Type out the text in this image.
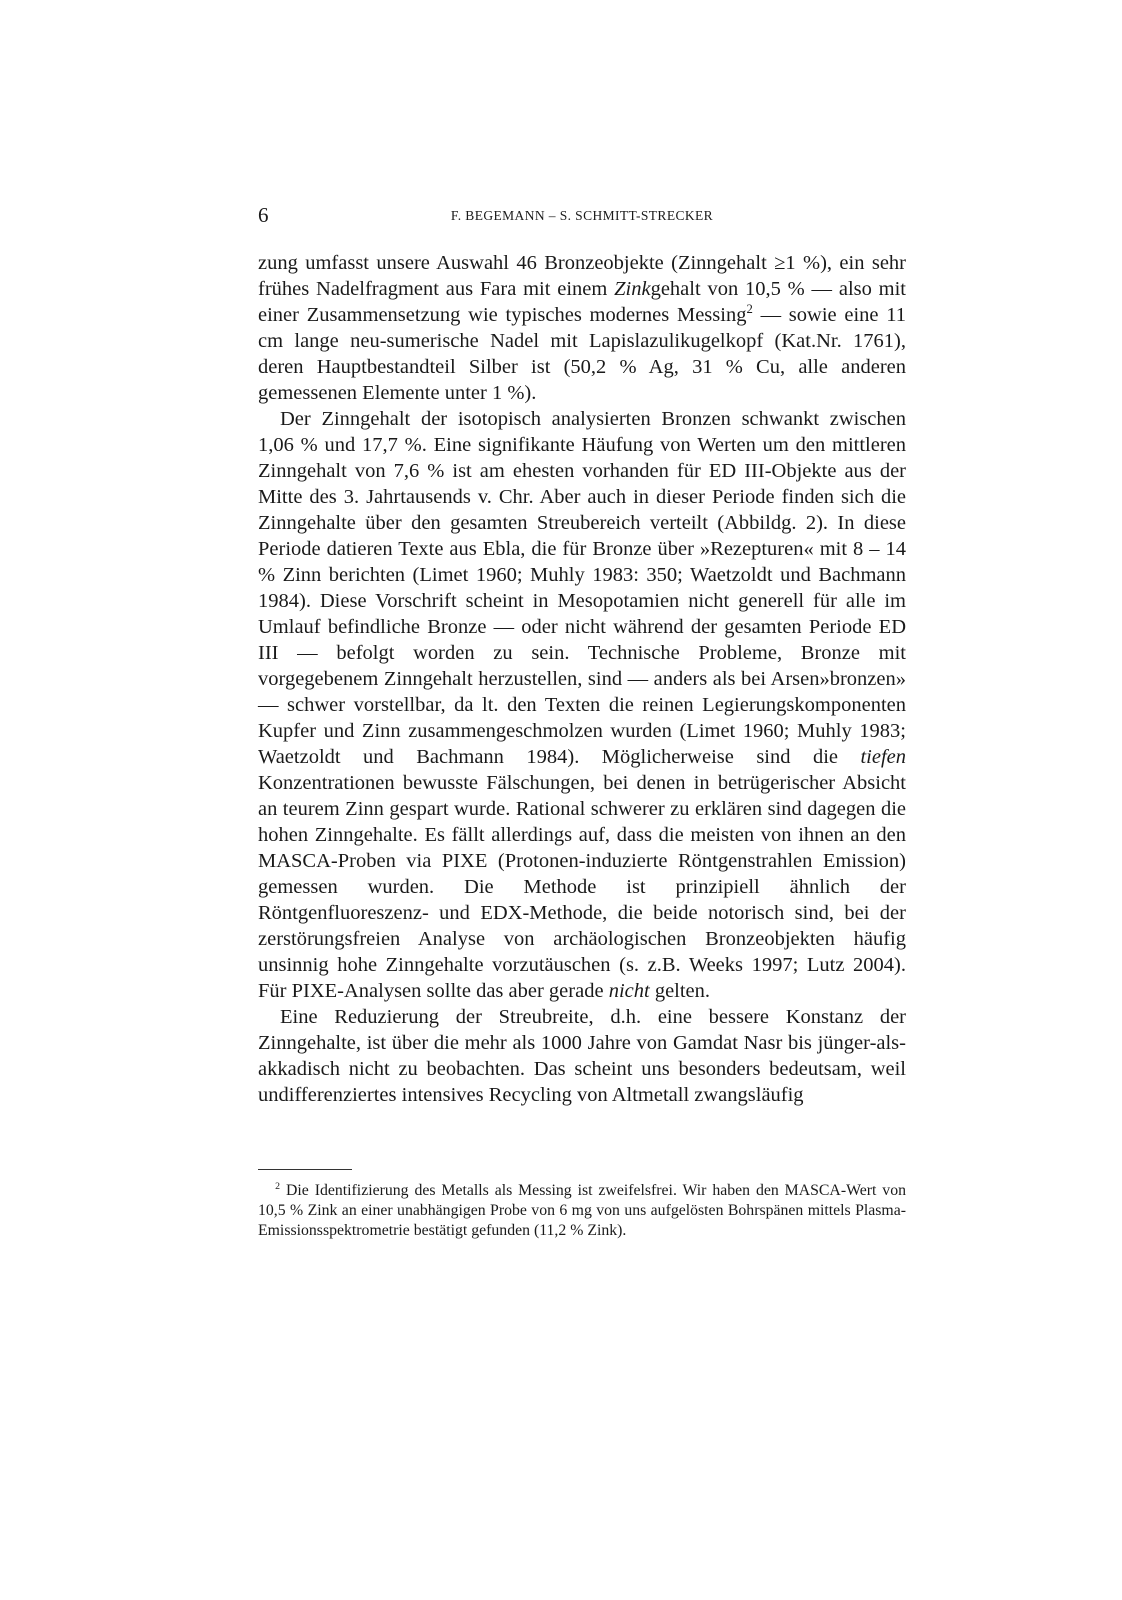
6	F. BEGEMANN – S. SCHMITT-STRECKER

zung umfasst unsere Auswahl 46 Bronzeobjekte (Zinngehalt ≥1 %), ein sehr frühes Nadelfragment aus Fara mit einem Zinkgehalt von 10,5 % — also mit einer Zusammensetzung wie typisches modernes Messing$^2$ — sowie eine 11 cm lange neu-sumerische Nadel mit Lapislazulikugelkopf (Kat.Nr. 1761), deren Hauptbestandteil Silber ist (50,2 % Ag, 31 % Cu, alle anderen gemessenen Elemente unter 1 %).

Der Zinngehalt der isotopisch analysierten Bronzen schwankt zwischen 1,06 % und 17,7 %. Eine signifikante Häufung von Werten um den mittleren Zinngehalt von 7,6 % ist am ehesten vorhanden für ED III-Objekte aus der Mitte des 3. Jahrtausends v. Chr. Aber auch in dieser Periode finden sich die Zinngehalte über den gesamten Streubereich verteilt (Abbildg. 2). In diese Periode datieren Texte aus Ebla, die für Bronze über »Rezepturen« mit 8 – 14 % Zinn berichten (Limet 1960; Muhly 1983: 350; Waetzoldt und Bachmann 1984). Diese Vorschrift scheint in Mesopotamien nicht generell für alle im Umlauf befindliche Bronze — oder nicht während der gesamten Periode ED III — befolgt worden zu sein. Technische Probleme, Bronze mit vorgegebenem Zinngehalt herzustellen, sind — anders als bei Arsen»bronzen» — schwer vorstellbar, da lt. den Texten die reinen Legierungskomponenten Kupfer und Zinn zusammengeschmolzen wurden (Limet 1960; Muhly 1983; Waetzoldt und Bachmann 1984). Möglicherweise sind die tiefen Konzentrationen bewusste Fälschungen, bei denen in betrügerischer Absicht an teurem Zinn gespart wurde. Rational schwerer zu erklären sind dagegen die hohen Zinngehalte. Es fällt allerdings auf, dass die meisten von ihnen an den MASCA-Proben via PIXE (Protonen-induzierte Röntgenstrahlen Emission) gemessen wurden. Die Methode ist prinzipiell ähnlich der Röntgenfluoreszenz- und EDX-Methode, die beide notorisch sind, bei der zerstörungsfreien Analyse von archäologischen Bronzeobjekten häufig unsinnig hohe Zinngehalte vorzutäuschen (s. z.B. Weeks 1997; Lutz 2004). Für PIXE-Analysen sollte das aber gerade nicht gelten.

Eine Reduzierung der Streubreite, d.h. eine bessere Konstanz der Zinngehalte, ist über die mehr als 1000 Jahre von Gamdat Nasr bis jünger-als-akkadisch nicht zu beobachten. Das scheint uns besonders bedeutsam, weil undifferenziertes intensives Recycling von Altmetall zwangsläufig

$^2$ Die Identifizierung des Metalls als Messing ist zweifelsfrei. Wir haben den MASCA-Wert von 10,5 % Zink an einer unabhängigen Probe von 6 mg von uns aufgelösten Bohrspänen mittels Plasma-Emissionsspektrometrie bestätigt gefunden (11,2 % Zink).
